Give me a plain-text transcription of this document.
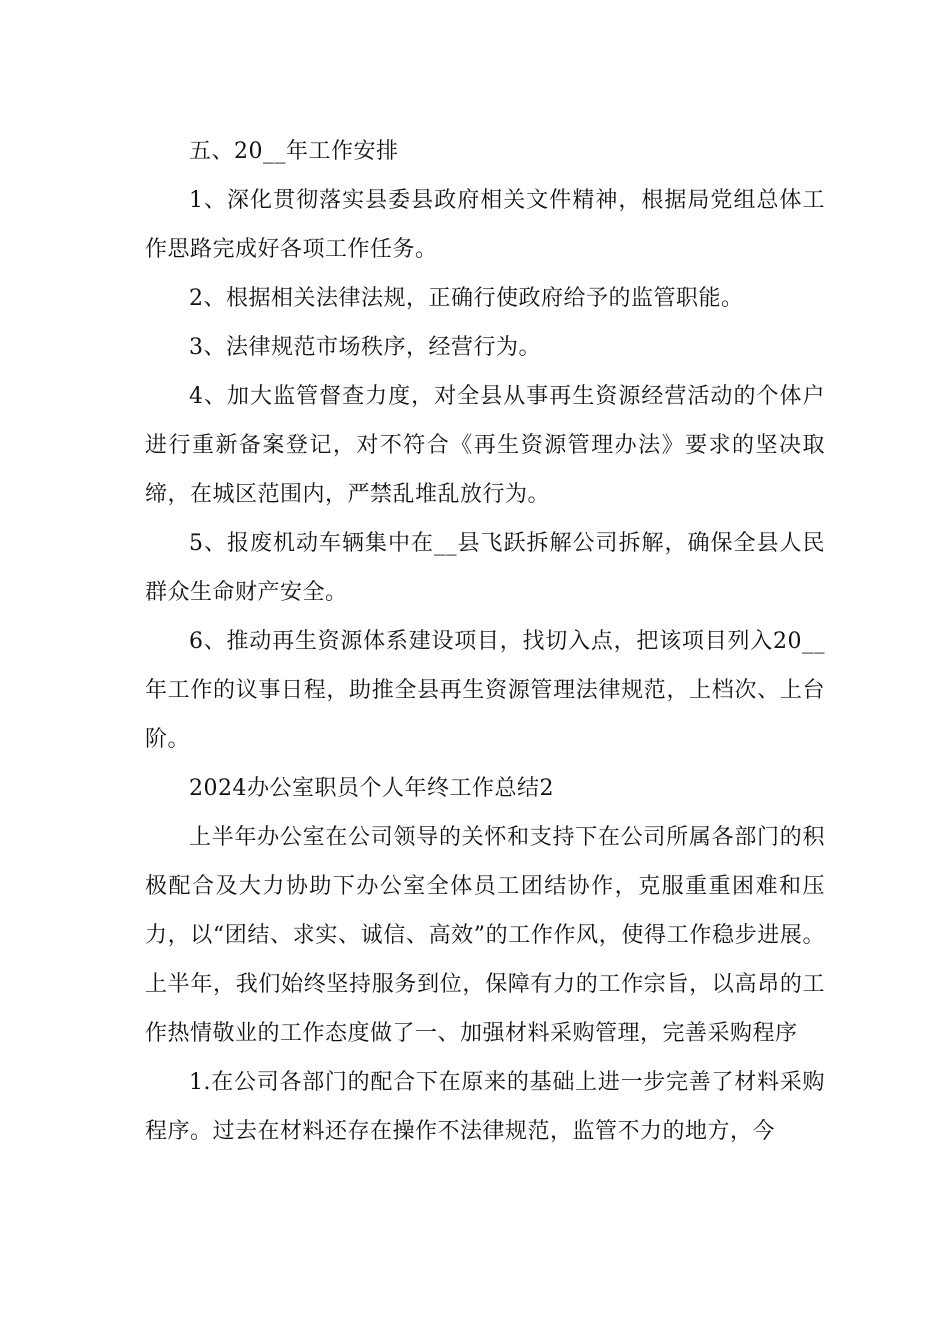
五、20__年工作安排

1、深化贯彻落实县委县政府相关文件精神，根据局党组总体工作思路完成好各项工作任务。

2、根据相关法律法规，正确行使政府给予的监管职能。

3、法律规范市场秩序，经营行为。

4、加大监管督查力度，对全县从事再生资源经营活动的个体户进行重新备案登记，对不符合《再生资源管理办法》要求的坚决取缔，在城区范围内，严禁乱堆乱放行为。

5、报废机动车辆集中在__县飞跃拆解公司拆解，确保全县人民群众生命财产安全。

6、推动再生资源体系建设项目，找切入点，把该项目列入20__年工作的议事日程，助推全县再生资源管理法律规范，上档次、上台阶。

2024办公室职员个人年终工作总结2

上半年办公室在公司领导的关怀和支持下在公司所属各部门的积极配合及大力协助下办公室全体员工团结协作，克服重重困难和压力，以“团结、求实、诚信、高效”的工作作风，使得工作稳步进展。上半年，我们始终坚持服务到位，保障有力的工作宗旨，以高昂的工作热情敬业的工作态度做了一、加强材料采购管理，完善采购程序

1.在公司各部门的配合下在原来的基础上进一步完善了材料采购程序。过去在材料还存在操作不法律规范，监管不力的地方，今
